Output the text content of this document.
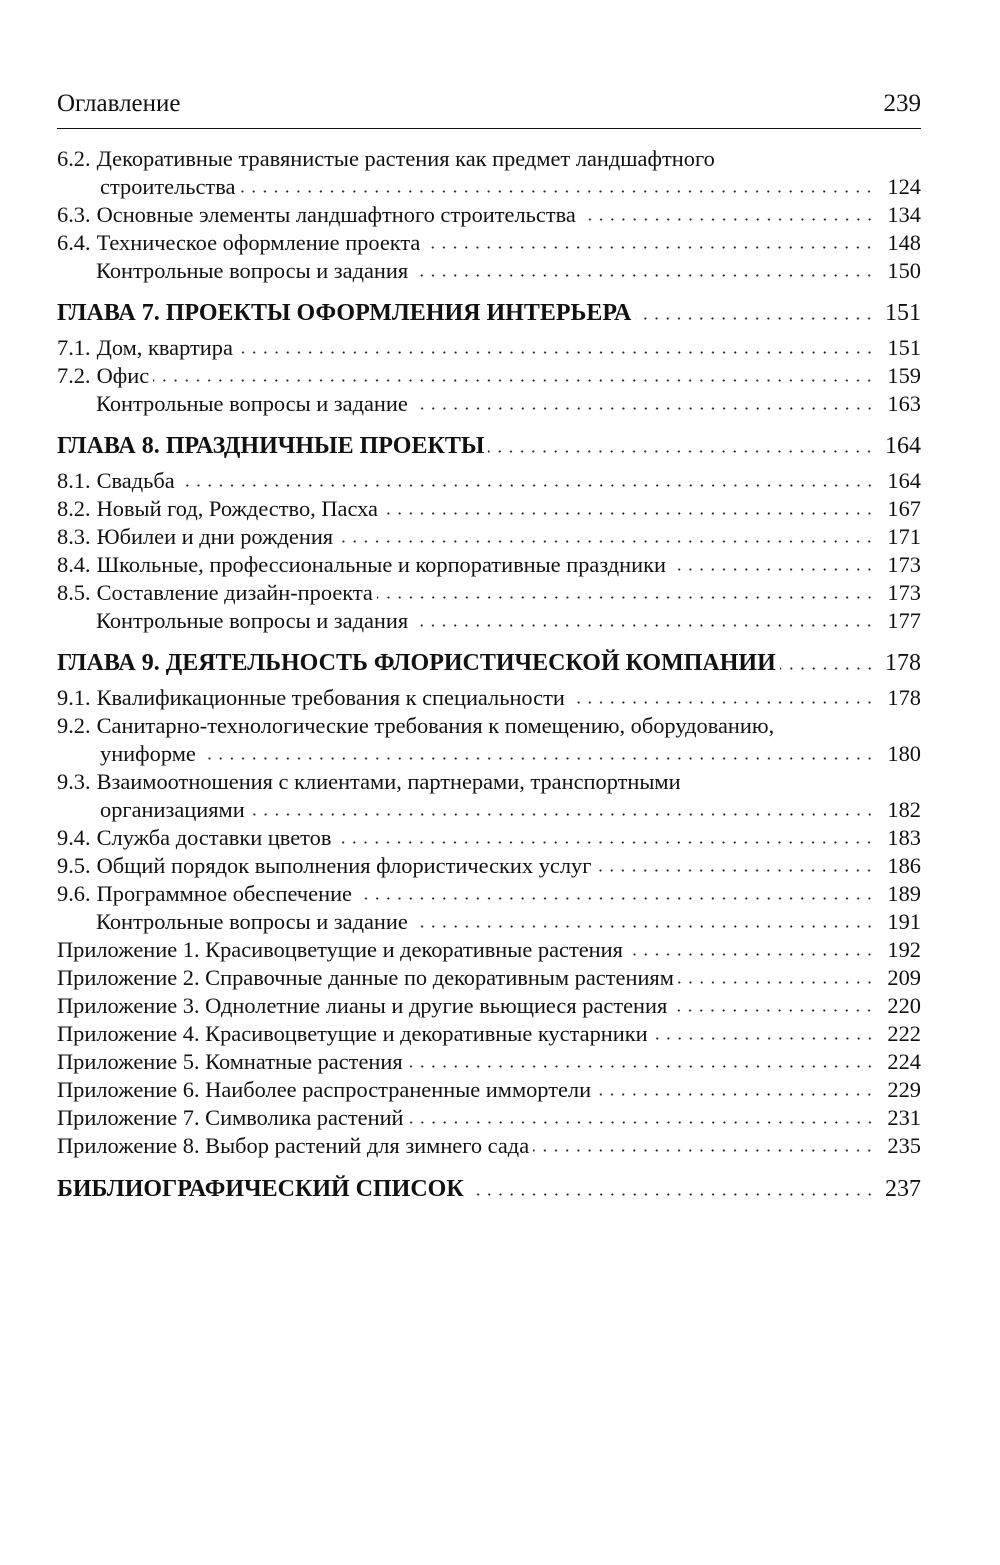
Оглавление	239
6.2. Декоративные травянистые растения как предмет ландшафтного
строительства	124
6.3. Основные элементы ландшафтного строительства	134
6.4. Техническое оформление проекта	148
Контрольные вопросы и задания	150
ГЛАВА 7. ПРОЕКТЫ ОФОРМЛЕНИЯ ИНТЕРЬЕРА	151
7.1. Дом, квартира	151
7.2. Офис	159
Контрольные вопросы и задание	163
ГЛАВА 8. ПРАЗДНИЧНЫЕ ПРОЕКТЫ	164
8.1. Свадьба	164
8.2. Новый год, Рождество, Пасха	167
8.3. Юбилеи и дни рождения	171
8.4. Школьные, профессиональные и корпоративные праздники	173
8.5. Составление дизайн-проекта	173
Контрольные вопросы и задания	177
ГЛАВА 9. ДЕЯТЕЛЬНОСТЬ ФЛОРИСТИЧЕСКОЙ КОМПАНИИ	178
9.1. Квалификационные требования к специальности	178
9.2. Санитарно-технологические требования к помещению, оборудованию,
униформе	180
9.3. Взаимоотношения с клиентами, партнерами, транспортными
организациями	182
9.4. Служба доставки цветов	183
9.5. Общий порядок выполнения флористических услуг	186
9.6. Программное обеспечение	189
Контрольные вопросы и задание	191
Приложение 1. Красивоцветущие и декоративные растения	192
Приложение 2. Справочные данные по декоративным растениям	209
Приложение 3. Однолетние лианы и другие вьющиеся растения	220
Приложение 4. Красивоцветущие и декоративные кустарники	222
Приложение 5. Комнатные растения	224
Приложение 6. Наиболее распространенные иммортели	229
Приложение 7. Символика растений	231
Приложение 8. Выбор растений для зимнего сада	235
БИБЛИОГРАФИЧЕСКИЙ СПИСОК	237
